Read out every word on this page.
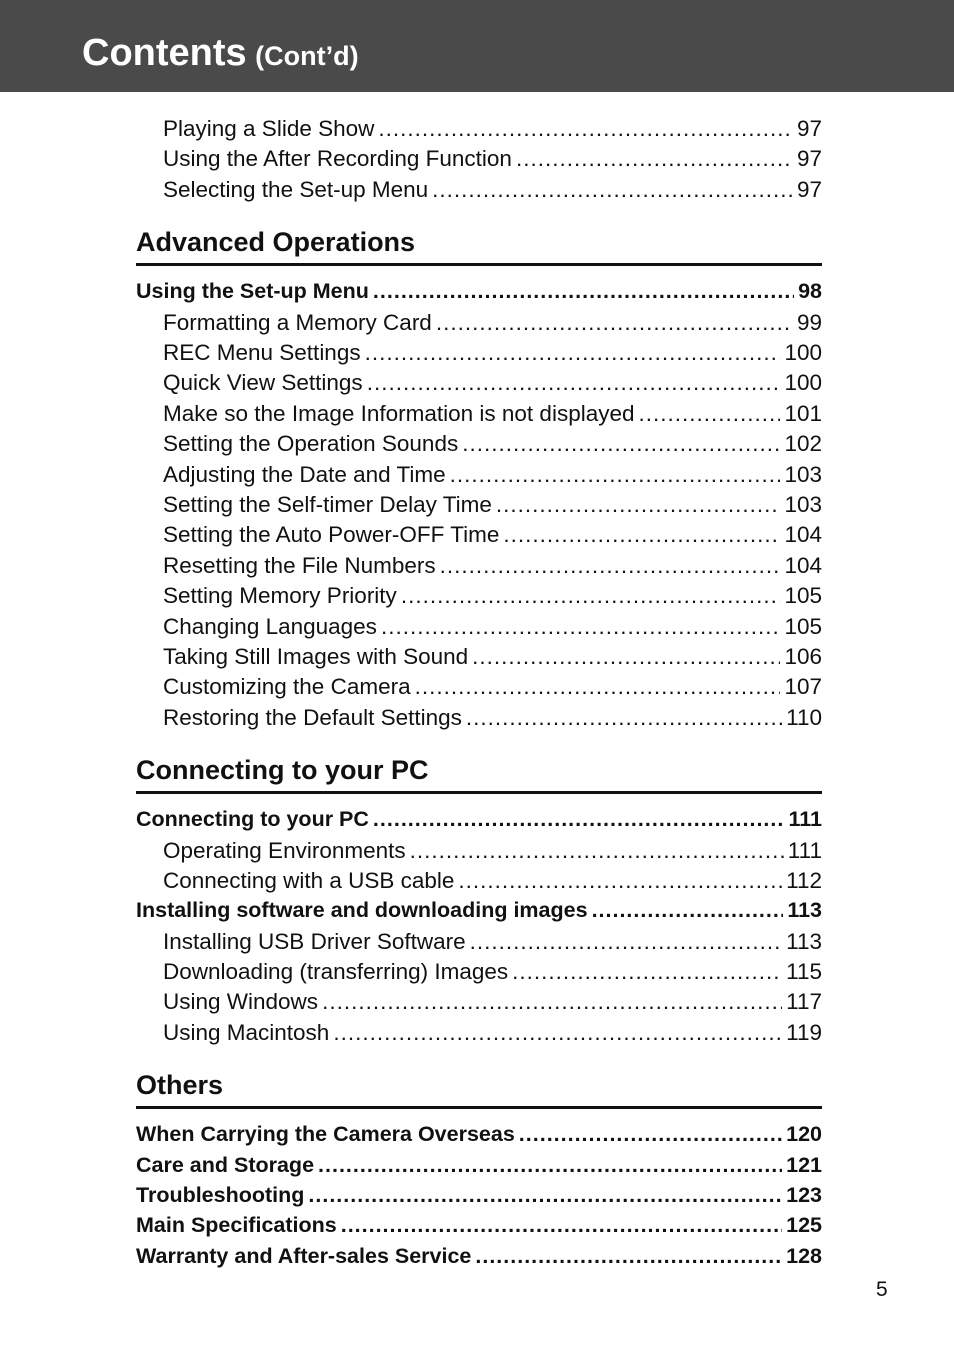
Contents (Cont’d)
Playing a Slide Show .....	97
Using the After Recording Function .....	97
Selecting the Set-up Menu .....	97
Advanced Operations
Using the Set-up Menu .....	98
Formatting a Memory Card .....	99
REC Menu Settings .....	100
Quick View Settings .....	100
Make so the Image Information is not displayed .....	101
Setting the Operation Sounds .....	102
Adjusting the Date and Time .....	103
Setting the Self-timer Delay Time .....	103
Setting the Auto Power-OFF Time .....	104
Resetting the File Numbers .....	104
Setting Memory Priority .....	105
Changing Languages .....	105
Taking Still Images with Sound .....	106
Customizing the Camera .....	107
Restoring the Default Settings .....	110
Connecting to your PC
Connecting to your PC .....	111
Operating Environments .....	111
Connecting with a USB cable .....	112
Installing software and downloading images .....	113
Installing USB Driver Software .....	113
Downloading (transferring) Images .....	115
Using Windows .....	117
Using Macintosh .....	119
Others
When Carrying the Camera Overseas .....	120
Care and Storage .....	121
Troubleshooting .....	123
Main Specifications .....	125
Warranty and After-sales Service .....	128
5
